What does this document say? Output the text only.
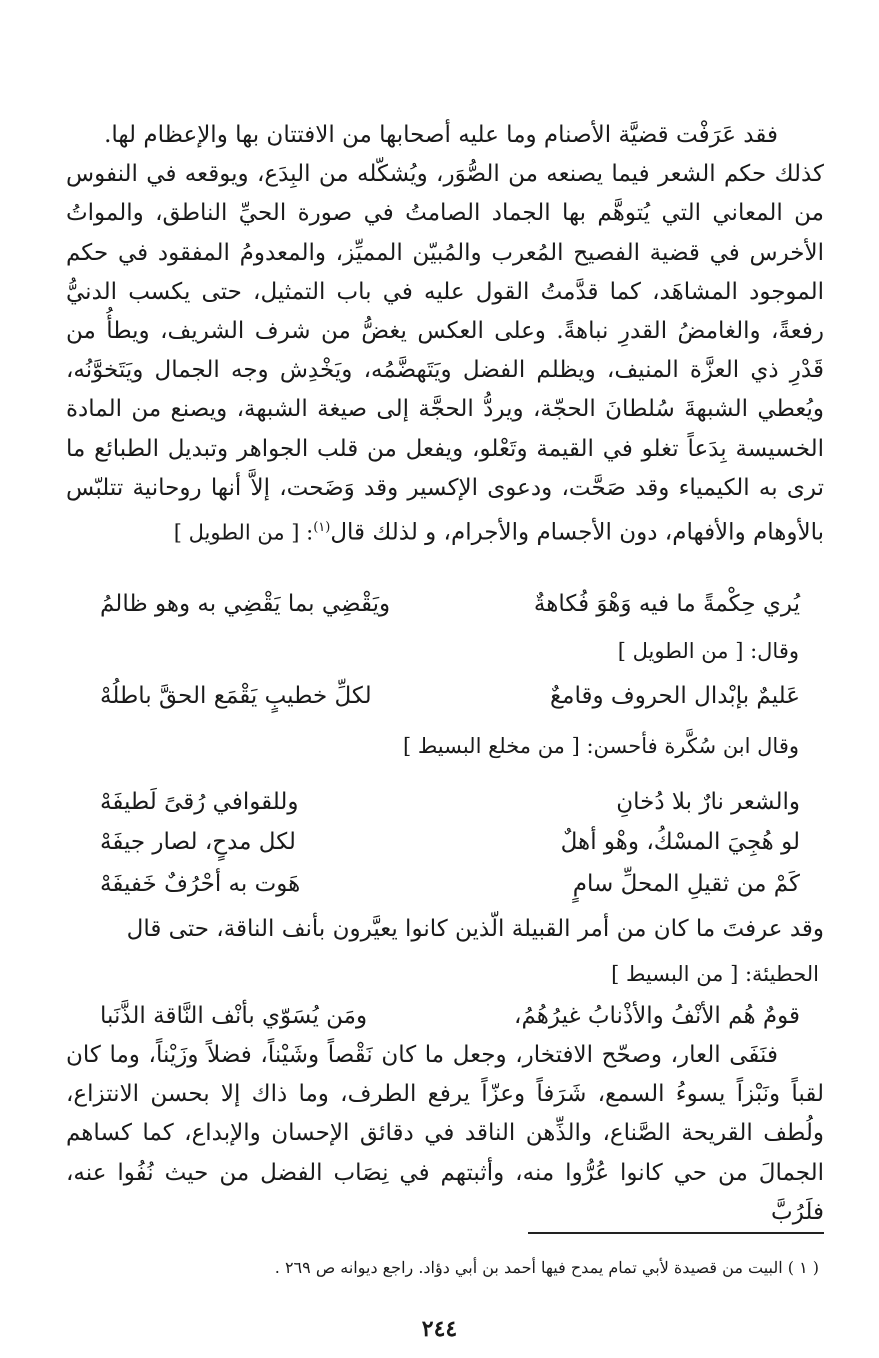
فقد عَرَفْت قضيَّة الأصنام وما عليه أصحابها من الافتتان بها والإعظام لها.

كذلك حكم الشعر فيما يصنعه من الصُّوَر، ويُشكّله من البِدَع، ويوقعه في النفوس من المعاني التي يُتوهَّم بها الجماد الصامتُ في صورة الحيِّ الناطق، والمواتُ الأخرس في قضية الفصيح المُعرب والمُبيّن المميِّز، والمعدومُ المفقود في حكم الموجود المشاهَد، كما قدَّمتُ القول عليه في باب التمثيل، حتى يكسب الدنيُّ رفعةً، والغامضُ القدرِ نباهةً. وعلى العكس يغضُّ من شرف الشريف، ويطأُ من قَدْرِ ذي العزَّة المنيف، ويظلم الفضل ويَتَهضَّمُه، ويَخْدِش وجه الجمال ويَتَخوَّنُه، ويُعطي الشبهةَ سُلطانَ الحجّة، ويردُّ الحجَّة إلى صيغة الشبهة، ويصنع من المادة الخسيسة بِدَعاً تغلو في القيمة وتَعْلو، ويفعل من قلب الجواهر وتبديل الطبائع ما ترى به الكيمياء وقد صَحَّت، ودعوى الإكسير وقد وَضَحت، إلاَّ أنها روحانية تتلبّس بالأوهام والأفهام، دون الأجسام والأجرام، و لذلك قال$^{(١)}$: [ من الطويل ]

يُري حِكْمةً ما فيه وَهْوَ فُكاهةٌ
ويَقْضِي بما يَقْضِي به وهو ظالمُ
وقال: [ من الطويل ]
عَليمٌ بإبْدال الحروف وقامعٌ
لكلِّ خطيبٍ يَقْمَع الحقَّ باطلُهْ
وقال ابن سُكَّرة فأحسن: [ من مخلع البسيط ]
والشعر نارٌ بلا دُخانِ
وللقوافي رُقىً لَطيفَهْ
لو هُجِيَ المسْكُ، وهْو أهلٌ
لكل مدحٍ، لصار جيفَهْ
كَمْ من ثقيلِ المحلِّ سامٍ
هَوت به أحْرُفٌ خَفيفَهْ

وقد عرفتَ ما كان من أمر القبيلة الّذين كانوا يعيَّرون بأنف الناقة، حتى قال

الحطيئة: [ من البسيط ]
قومٌ هُم الأنْفُ والأذْنابُ غيرُهُمُ،
ومَن يُسَوّي بأنْف النَّاقة الذَّنَبا

فنَفَى العار، وصحّح الافتخار، وجعل ما كان نَقْصاً وشَيْناً، فضلاً وزَيْناً، وما كان لقباً ونَبْزاً يسوءُ السمع، شَرَفاً وعزّاً يرفع الطرف، وما ذاك إلا بحسن الانتزاع، ولُطف القريحة الصَّناع، والذِّهن الناقد في دقائق الإحسان والإبداع، كما كساهم الجمالَ من حي كانوا عُرُّوا منه، وأثبتهم في نِصَاب الفضل من حيث نُفُوا عنه، فلَرُبَّ

( ١ ) البيت من قصيدة لأبي تمام يمدح فيها أحمد بن أبي دؤاد. راجع ديوانه ص ٢٦٩ .
٢٤٤
